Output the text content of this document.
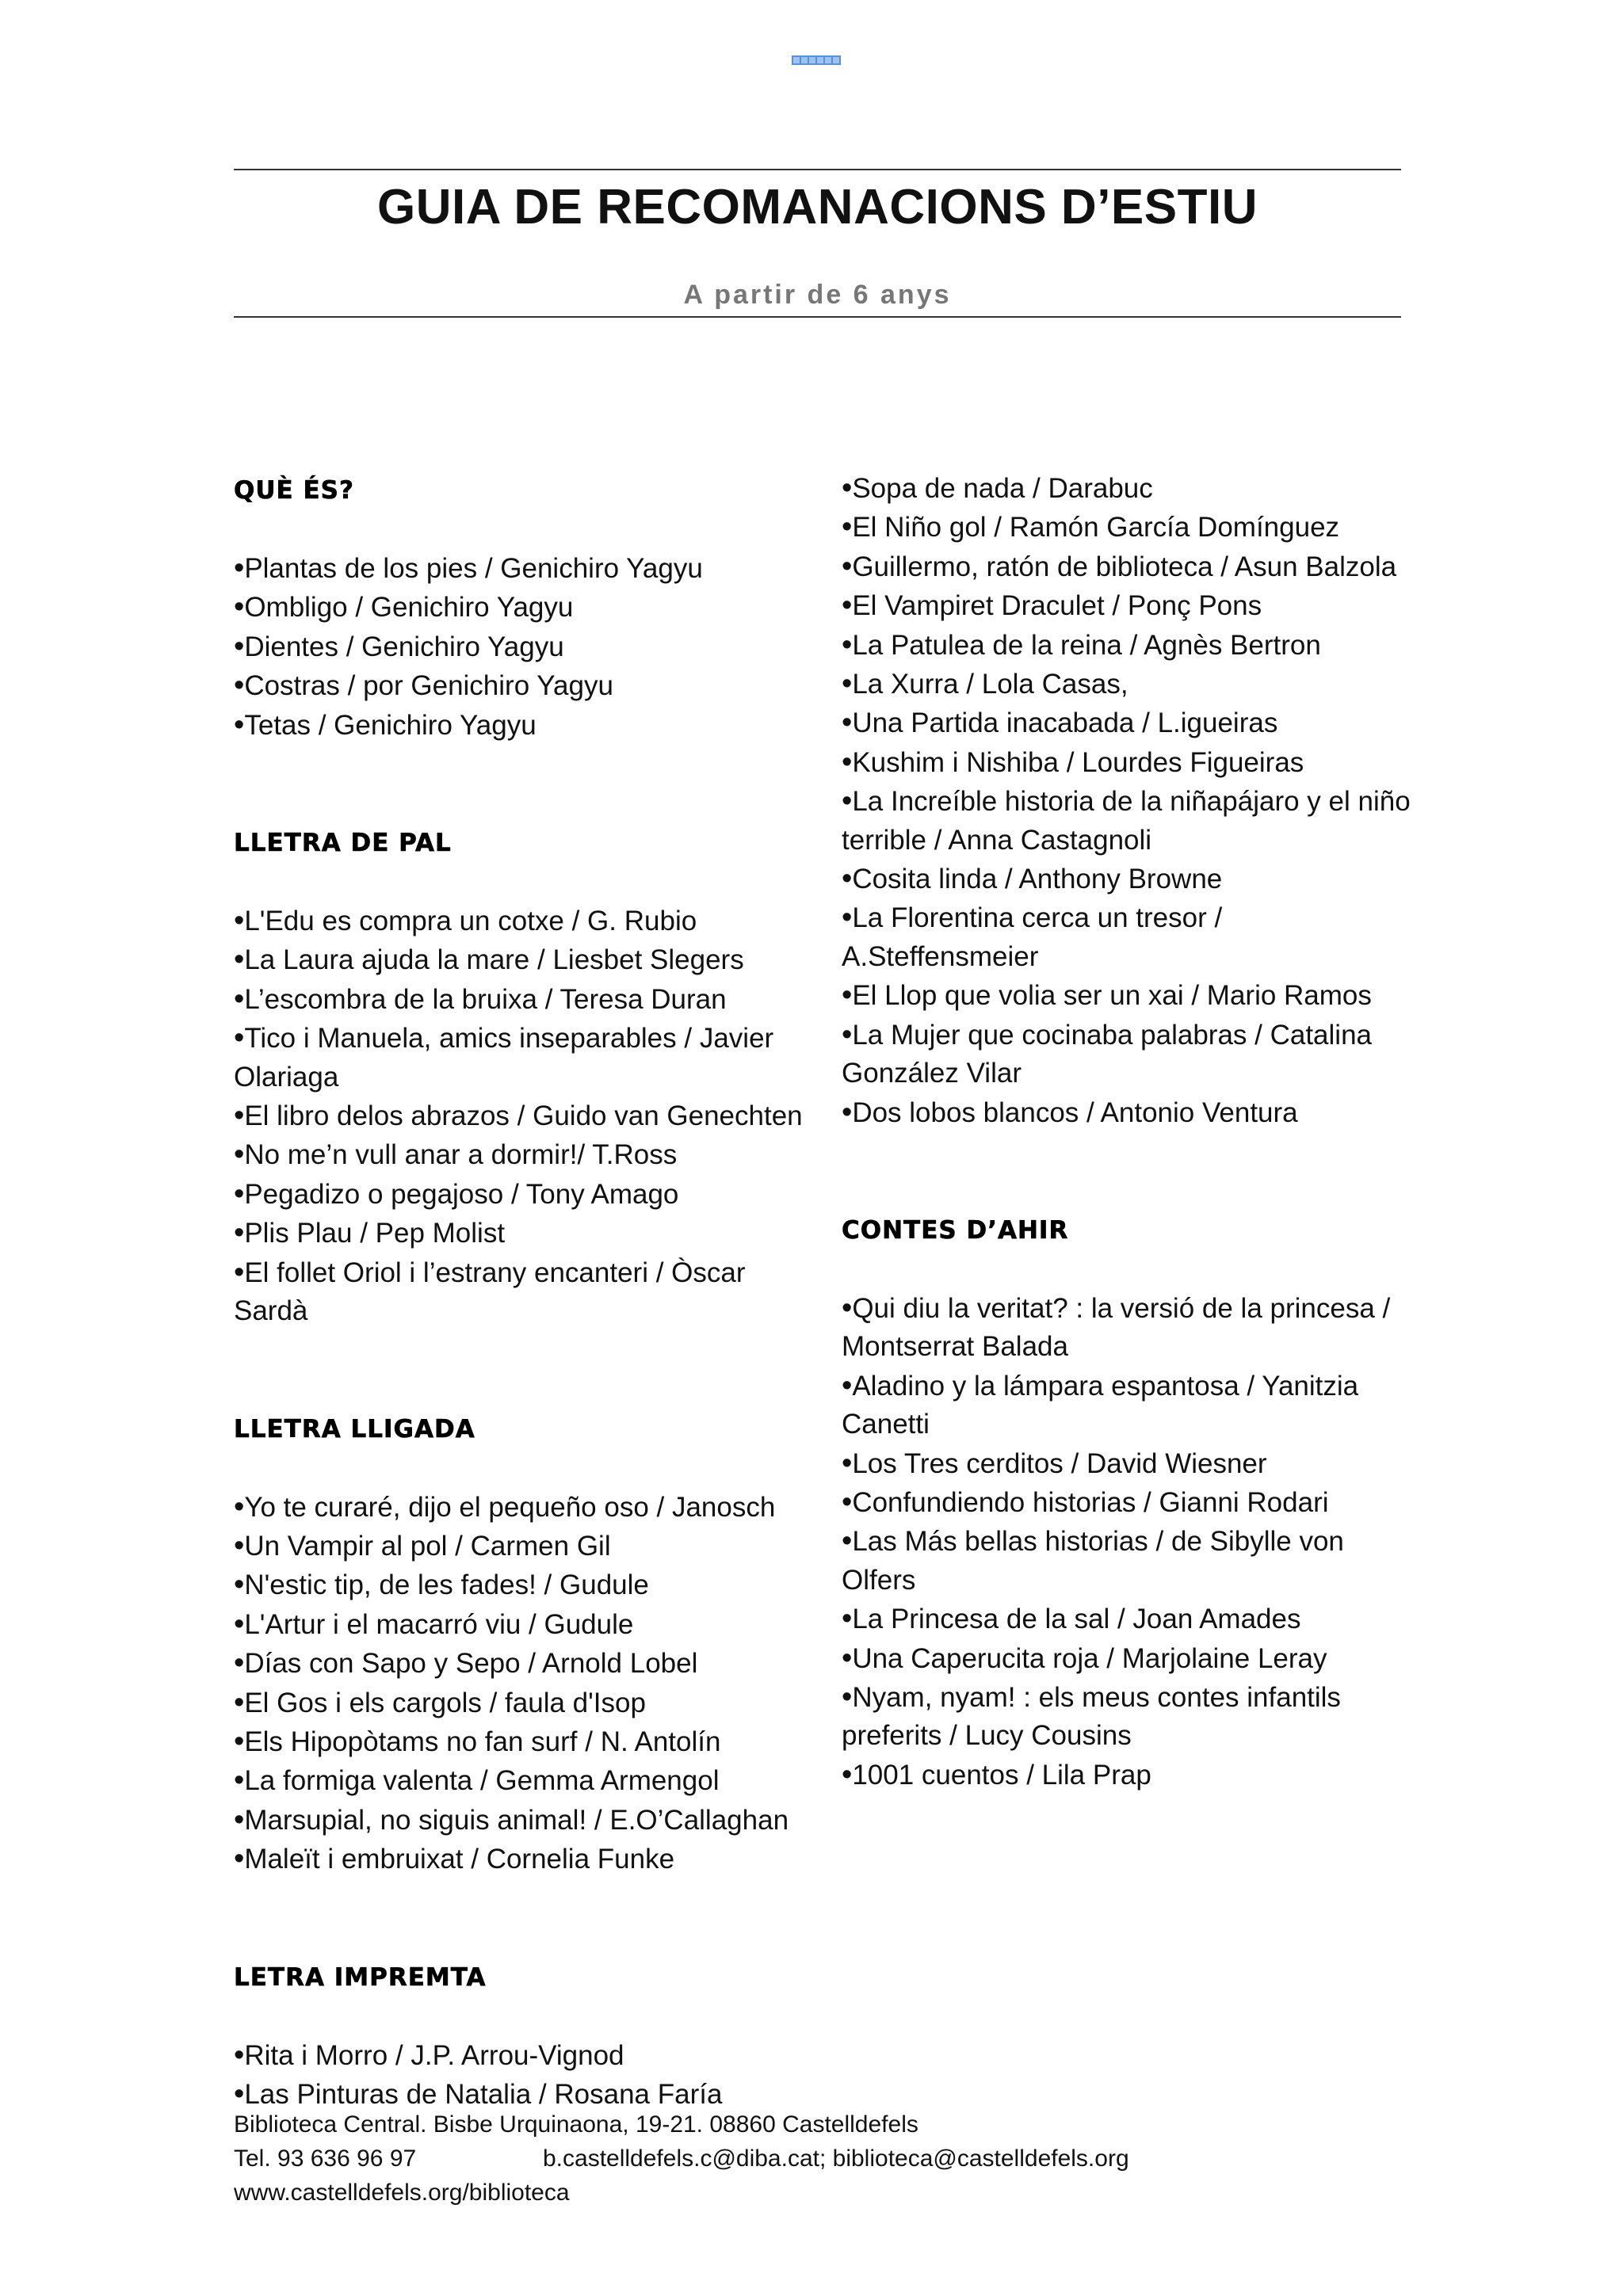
GUIA DE RECOMANACIONS D’ESTIU
A partir de 6 anys
QUÈ ÉS?
• Plantas de los pies / Genichiro Yagyu
• Ombligo / Genichiro Yagyu
• Dientes / Genichiro Yagyu
• Costras / por Genichiro Yagyu
• Tetas / Genichiro Yagyu
LLETRA DE PAL
• L'Edu es compra un cotxe / G. Rubio
• La Laura ajuda la mare / Liesbet Slegers
• L’escombra de la bruixa / Teresa Duran
• Tico i Manuela, amics inseparables / Javier Olariaga
• El libro delos abrazos / Guido van Genechten
• No me’n vull anar a dormir!/ T.Ross
• Pegadizo o pegajoso / Tony Amago
• Plis Plau / Pep Molist
• El follet Oriol i l’estrany encanteri / Òscar Sardà
LLETRA LLIGADA
• Yo te curaré, dijo el pequeño oso / Janosch
• Un Vampir al pol / Carmen Gil
• N'estic tip, de les fades! / Gudule
• L'Artur i el macarró viu / Gudule
• Días con Sapo y Sepo / Arnold Lobel
• El Gos i els cargols / faula d'Isop
• Els Hipopòtams no fan surf / N. Antolín
• La formiga valenta / Gemma Armengol
• Marsupial, no siguis animal! / E.O’Callaghan
• Maleït i embruixat / Cornelia Funke
LETRA IMPREMTA
• Rita i Morro / J.P. Arrou-Vignod
• Las Pinturas de Natalia / Rosana Faría
• Sopa de nada / Darabuc
• El Niño gol / Ramón García Domínguez
• Guillermo, ratón de biblioteca / Asun Balzola
• El Vampiret Draculet / Ponç Pons
• La Patulea de la reina / Agnès Bertron
• La Xurra / Lola Casas,
• Una Partida inacabada / L.igueiras
• Kushim i Nishiba / Lourdes Figueiras
• La Increíble historia de la niñapájaro y el niño terrible / Anna Castagnoli
• Cosita linda / Anthony Browne
• La Florentina cerca un tresor / A.Steffensmeier
• El Llop que volia ser un xai / Mario Ramos
• La Mujer que cocinaba palabras / Catalina González Vilar
• Dos lobos blancos / Antonio Ventura
CONTES D’AHIR
• Qui diu la veritat? : la versió de la princesa / Montserrat Balada
• Aladino y la lámpara espantosa / Yanitzia Canetti
• Los Tres cerditos / David Wiesner
• Confundiendo historias / Gianni Rodari
• Las Más bellas historias / de Sibylle von Olfers
• La Princesa de la sal / Joan Amades
• Una Caperucita roja / Marjolaine Leray
• Nyam, nyam! : els meus contes infantils preferits / Lucy Cousins
• 1001 cuentos / Lila Prap
Biblioteca Central. Bisbe Urquinaona, 19-21. 08860 Castelldefels
Tel. 93 636 96 97	b.castelldefels.c@diba.cat; biblioteca@castelldefels.org
www.castelldefels.org/biblioteca
